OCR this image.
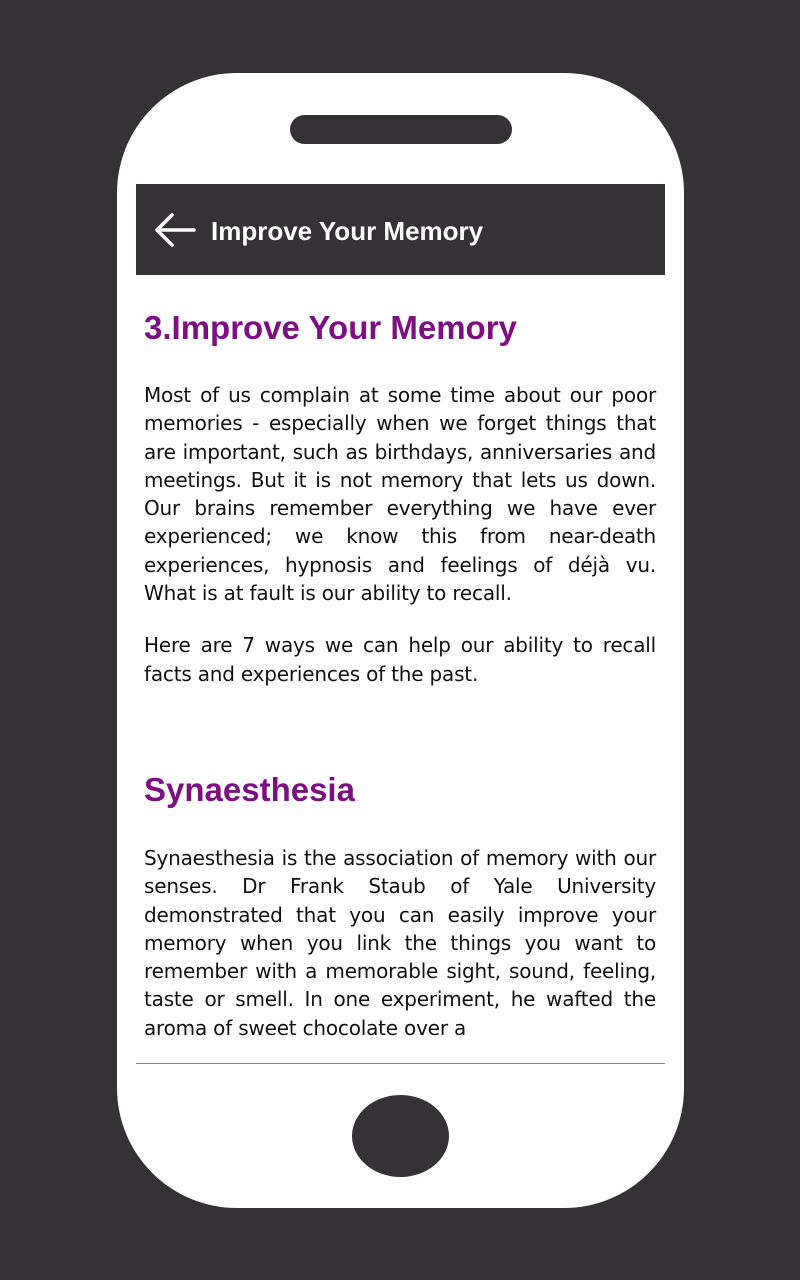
Improve Your Memory
3.Improve Your Memory

Most of us complain at some time about our poor memories - especially when we forget things that are important, such as birthdays, anniversaries and meetings. But it is not memory that lets us down. Our brains remember everything we have ever experienced; we know this from near-death experiences, hypnosis and feelings of déjà vu. What is at fault is our ability to recall.

Here are 7 ways we can help our ability to recall facts and experiences of the past.

Synaesthesia

Synaesthesia is the association of memory with our senses. Dr Frank Staub of Yale University demonstrated that you can easily improve your memory when you link the things you want to remember with a memorable sight, sound, feeling, taste or smell. In one experiment, he wafted the aroma of sweet chocolate over a
